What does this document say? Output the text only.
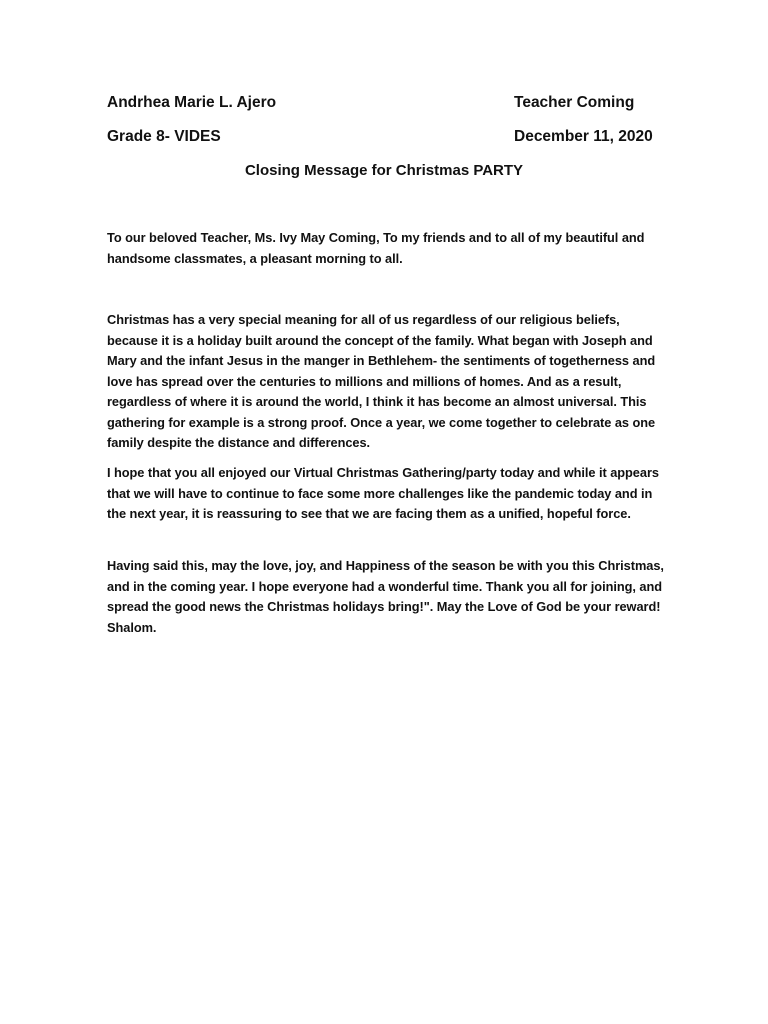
Andrhea Marie L. Ajero	Teacher Coming
Grade 8- VIDES	December 11, 2020
Closing Message for Christmas PARTY

To our beloved Teacher, Ms. Ivy May Coming, To my friends and to all of my beautiful and handsome classmates, a pleasant morning to all.

Christmas has a very special meaning for all of us regardless of our religious beliefs, because it is a holiday built around the concept of the family. What began with Joseph and Mary and the infant Jesus in the manger in Bethlehem- the sentiments of togetherness and love has spread over the centuries to millions and millions of homes. And as a result, regardless of where it is around the world, I think it has become an almost universal. This gathering for example is a strong proof. Once a year, we come together to celebrate as one family despite the distance and differences.

I hope that you all enjoyed our Virtual Christmas Gathering/party today and while it appears that we will have to continue to face some more challenges like the pandemic today and in the next year, it is reassuring to see that we are facing them as a unified, hopeful force.

Having said this, may the love, joy, and Happiness of the season be with you this Christmas, and in the coming year. I hope everyone had a wonderful time. Thank you all for joining, and spread the good news the Christmas holidays bring!". May the Love of God be your reward! Shalom.
